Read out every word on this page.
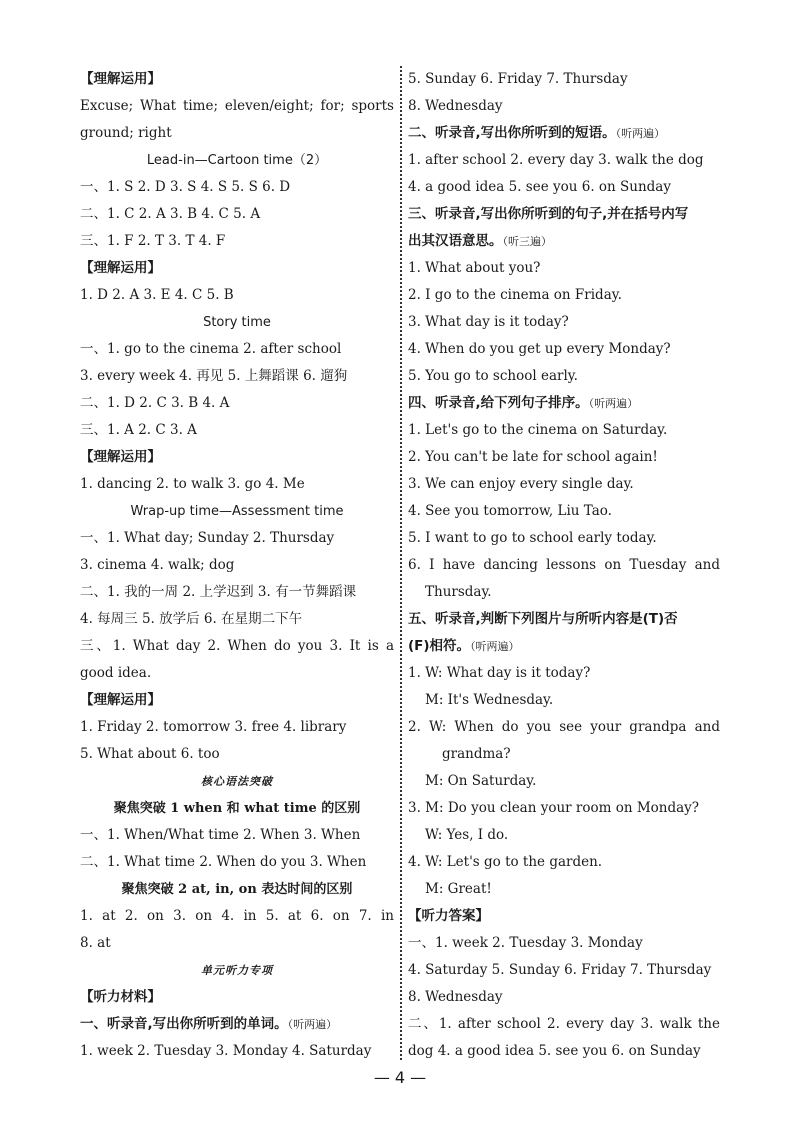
【理解运用】
Excuse; What time; eleven/eight; for; sports
ground; right
Lead-in—Cartoon time（2）
一、1. S 2. D 3. S 4. S 5. S 6. D
二、1. C 2. A 3. B 4. C 5. A
三、1. F 2. T 3. T 4. F
【理解运用】
1. D 2. A 3. E 4. C 5. B
Story time
一、1. go to the cinema 2. after school
3. every week 4. 再见 5. 上舞蹈课 6. 遛狗
二、1. D 2. C 3. B 4. A
三、1. A 2. C 3. A
【理解运用】
1. dancing 2. to walk 3. go 4. Me
Wrap-up time—Assessment time
一、1. What day; Sunday 2. Thursday
3. cinema 4. walk; dog
二、1. 我的一周 2. 上学迟到 3. 有一节舞蹈课
4. 每周三 5. 放学后 6. 在星期二下午
三、1. What day 2. When do you 3. It is a
good idea.
【理解运用】
1. Friday 2. tomorrow 3. free 4. library
5. What about 6. too
核心语法突破
聚焦突破 1 when 和 what time 的区别
一、1. When/What time 2. When 3. When
二、1. What time 2. When do you 3. When
聚焦突破 2 at, in, on 表达时间的区别
1. at 2. on 3. on 4. in 5. at 6. on 7. in
8. at
单元听力专项
【听力材料】
一、听录音,写出你所听到的单词。（听两遍）
1. week 2. Tuesday 3. Monday 4. Saturday
5. Sunday 6. Friday 7. Thursday
8. Wednesday
二、听录音,写出你所听到的短语。（听两遍）
1. after school 2. every day 3. walk the dog
4. a good idea 5. see you 6. on Sunday
三、听录音,写出你所听到的句子,并在括号内写
出其汉语意思。（听三遍）
1. What about you?
2. I go to the cinema on Friday.
3. What day is it today?
4. When do you get up every Monday?
5. You go to school early.
四、听录音,给下列句子排序。（听两遍）
1. Let's go to the cinema on Saturday.
2. You can't be late for school again!
3. We can enjoy every single day.
4. See you tomorrow, Liu Tao.
5. I want to go to school early today.
6. I have dancing lessons on Tuesday and
Thursday.
五、听录音,判断下列图片与所听内容是(T)否
(F)相符。（听两遍）
1. W: What day is it today?
M: It's Wednesday.
2. W: When do you see your grandpa and
grandma?
M: On Saturday.
3. M: Do you clean your room on Monday?
W: Yes, I do.
4. W: Let's go to the garden.
M: Great!
【听力答案】
一、1. week 2. Tuesday 3. Monday
4. Saturday 5. Sunday 6. Friday 7. Thursday
8. Wednesday
二、1. after school 2. every day 3. walk the
dog 4. a good idea 5. see you 6. on Sunday
— 4 —
